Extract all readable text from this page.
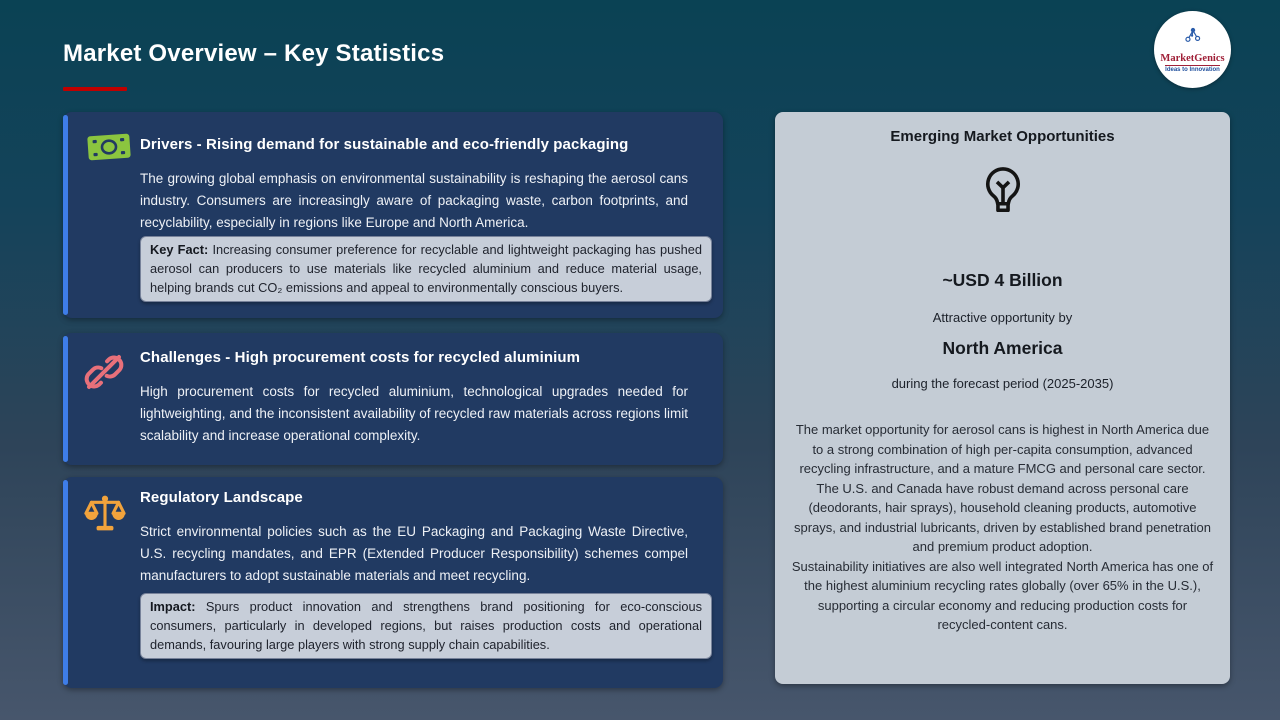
Market Overview – Key Statistics	MarketGenics
Ideas to Innovation
Drivers - Rising demand for sustainable and eco-friendly packaging
The growing global emphasis on environmental sustainability is reshaping the aerosol cans industry. Consumers are increasingly aware of packaging waste, carbon footprints, and recyclability, especially in regions like Europe and North America.
Key Fact: Increasing consumer preference for recyclable and lightweight packaging has pushed aerosol can producers to use materials like recycled aluminium and reduce material usage, helping brands cut CO₂ emissions and appeal to environmentally conscious buyers.
Challenges - High procurement costs for recycled aluminium
High procurement costs for recycled aluminium, technological upgrades needed for lightweighting, and the inconsistent availability of recycled raw materials across regions limit scalability and increase operational complexity.
Regulatory Landscape
Strict environmental policies such as the EU Packaging and Packaging Waste Directive, U.S. recycling mandates, and EPR (Extended Producer Responsibility) schemes compel manufacturers to adopt sustainable materials and meet recycling.
Impact: Spurs product innovation and strengthens brand positioning for eco-conscious consumers, particularly in developed regions, but raises production costs and operational demands, favouring large players with strong supply chain capabilities.
Emerging Market Opportunities
~USD 4 Billion
Attractive opportunity by
North America
during the forecast period (2025-2035)
The market opportunity for aerosol cans is highest in North America due to a strong combination of high per-capita consumption, advanced recycling infrastructure, and a mature FMCG and personal care sector. The U.S. and Canada have robust demand across personal care (deodorants, hair sprays), household cleaning products, automotive sprays, and industrial lubricants, driven by established brand penetration and premium product adoption.
Sustainability initiatives are also well integrated North America has one of the highest aluminium recycling rates globally (over 65% in the U.S.), supporting a circular economy and reducing production costs for recycled-content cans.
